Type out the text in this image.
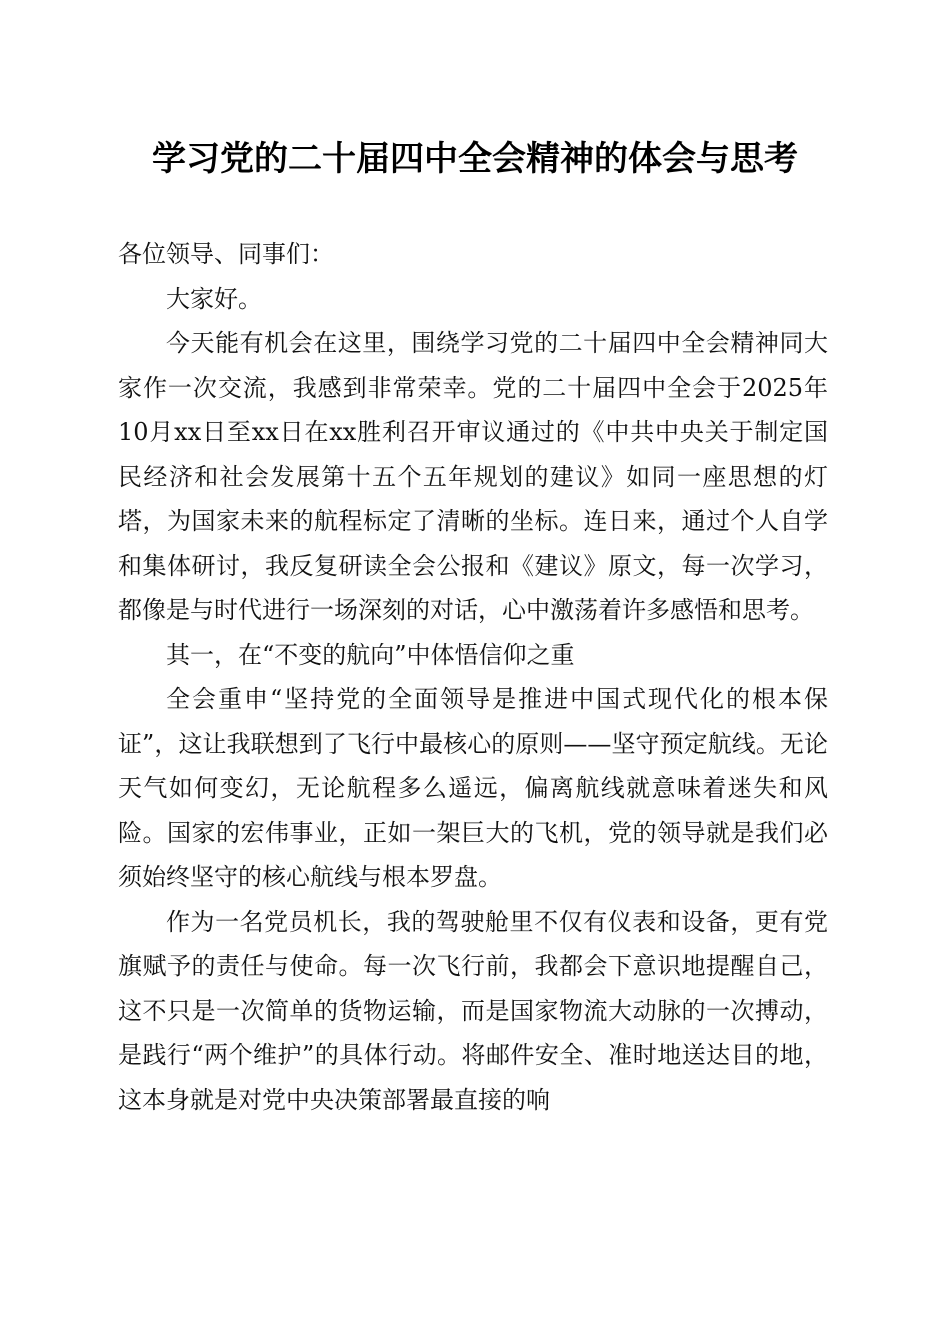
学习党的二十届四中全会精神的体会与思考

各位领导、同事们：

大家好。

今天能有机会在这里，围绕学习党的二十届四中全会精神同大家作一次交流，我感到非常荣幸。党的二十届四中全会于2025年10月xx日至xx日在xx胜利召开审议通过的《中共中央关于制定国民经济和社会发展第十五个五年规划的建议》如同一座思想的灯塔，为国家未来的航程标定了清晰的坐标。连日来，通过个人自学和集体研讨，我反复研读全会公报和《建议》原文，每一次学习，都像是与时代进行一场深刻的对话，心中激荡着许多感悟和思考。

其一，在“不变的航向”中体悟信仰之重

全会重申“坚持党的全面领导是推进中国式现代化的根本保证”，这让我联想到了飞行中最核心的原则——坚守预定航线。无论天气如何变幻，无论航程多么遥远，偏离航线就意味着迷失和风险。国家的宏伟事业，正如一架巨大的飞机，党的领导就是我们必须始终坚守的核心航线与根本罗盘。

作为一名党员机长，我的驾驶舱里不仅有仪表和设备，更有党旗赋予的责任与使命。每一次飞行前，我都会下意识地提醒自己，这不只是一次简单的货物运输，而是国家物流大动脉的一次搏动，是践行“两个维护”的具体行动。将邮件安全、准时地送达目的地，这本身就是对党中央决策部署最直接的响
